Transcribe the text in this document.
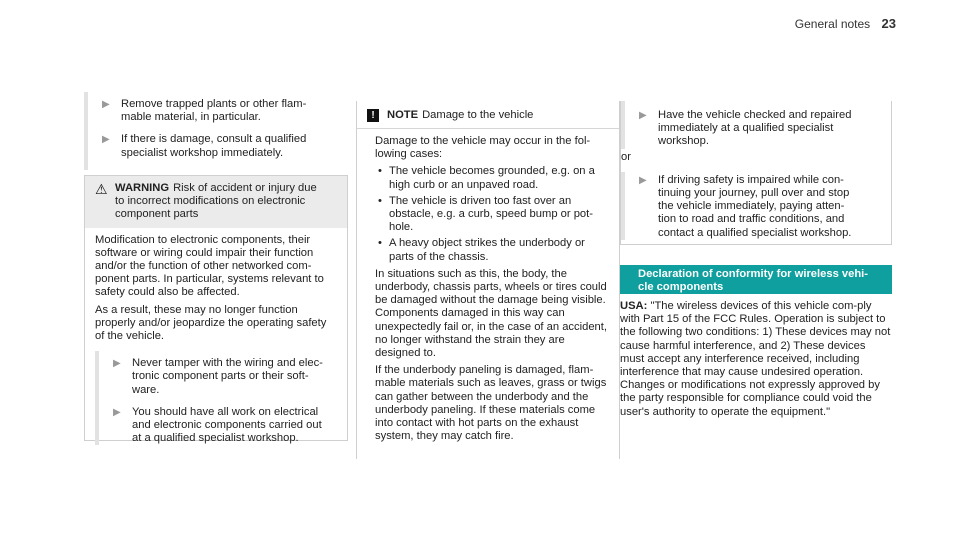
General notes 23
▶	Remove trapped plants or other flam-
mable material, in particular.
▶	If there is damage, consult a qualified
specialist workshop immediately.
⚠ WARNING Risk of accident or injury due
to incorrect modifications on electronic
component parts

Modification to electronic components, their software or wiring could impair their function and/or the function of other networked com-ponent parts. In particular, systems relevant to safety could also be affected.

As a result, these may no longer function properly and/or jeopardize the operating safety of the vehicle.

▶	Never tamper with the wiring and elec-
tronic component parts or their soft-
ware.
▶	You should have all work on electrical
and electronic components carried out
at a qualified specialist workshop.
!	NOTE Damage to the vehicle

Damage to the vehicle may occur in the fol-lowing cases:

• The vehicle becomes grounded, e.g. on a high curb or an unpaved road.
• The vehicle is driven too fast over an obstacle, e.g. a curb, speed bump or pot-hole.
• A heavy object strikes the underbody or parts of the chassis.

In situations such as this, the body, the underbody, chassis parts, wheels or tires could be damaged without the damage being visible. Components damaged in this way can unexpectedly fail or, in the case of an accident, no longer withstand the strain they are designed to.

If the underbody paneling is damaged, flam-mable materials such as leaves, grass or twigs can gather between the underbody and the underbody paneling. If these materials come into contact with hot parts on the exhaust system, they may catch fire.

▶	Have the vehicle checked and repaired
immediately at a qualified specialist
workshop.

or

▶	If driving safety is impaired while con-
tinuing your journey, pull over and stop
the vehicle immediately, paying atten-
tion to road and traffic conditions, and
contact a qualified specialist workshop.
Declaration of conformity for wireless vehi-
cle components
USA: "The wireless devices of this vehicle com-ply with Part 15 of the FCC Rules. Operation is subject to the following two conditions: 1) These devices may not cause harmful interference, and 2) These devices must accept any interference received, including interference that may cause undesired operation. Changes or modifications not expressly approved by the party responsible for compliance could void the user's authority to operate the equipment."
